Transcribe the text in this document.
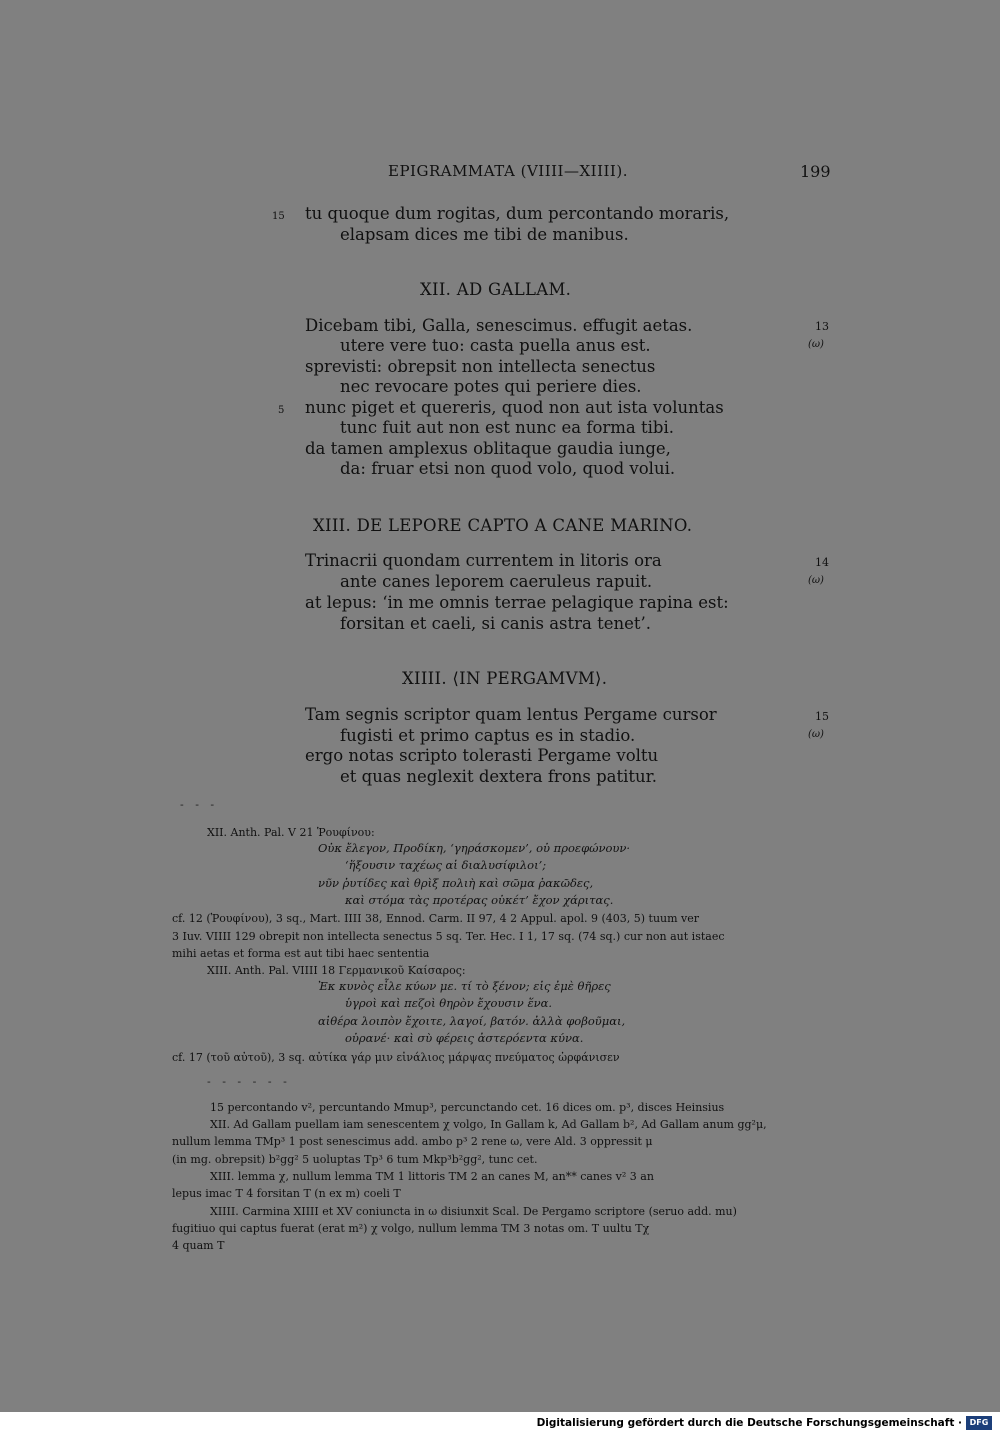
EPIGRAMMATA (VIIII—XIIII).	199
15 tu quoque dum rogitas, dum percontando moraris,
elapsam dices me tibi de manibus.
XII. AD GALLAM.
13
(ω)
Dicebam tibi, Galla, senescimus. effugit aetas.
utere vere tuo: casta puella anus est.
sprevisti: obrepsit non intellecta senectus
nec revocare potes qui periere dies.
5 nunc piget et quereris, quod non aut ista voluntas
tunc fuit aut non est nunc ea forma tibi.
da tamen amplexus oblitaque gaudia iunge,
da: fruar etsi non quod volo, quod volui.
XIII. DE LEPORE CAPTO A CANE MARINO.
14
(ω)
Trinacrii quondam currentem in litoris ora
ante canes leporem caeruleus rapuit.
at lepus: ‘in me omnis terrae pelagique rapina est:
forsitan et caeli, si canis astra tenet’.
XIIII. ⟨IN PERGAMVM⟩.
15
(ω)
Tam segnis scriptor quam lentus Pergame cursor
fugisti et primo captus es in stadio.
ergo notas scripto tolerasti Pergame voltu
et quas neglexit dextera frons patitur.
- - -
XII. Anth. Pal. V 21 Ῥουφίνου:
Οὐκ ἔλεγον, Προδίκη, ‘γηράσκομεν’, οὐ προεφώνουν·
‘ἥξουσιν ταχέως αἱ διαλυσίφιλοι’;
νῦν ῥυτίδες καὶ θρὶξ πολιὴ καὶ σῶμα ῥακῶδες,
καὶ στόμα τὰς προτέρας οὐκέτ’ ἔχον χάριτας.
cf. 12 (Ῥουφίνου), 3 sq., Mart. IIII 38, Ennod. Carm. II 97, 4 2 Appul. apol. 9 (403, 5) tuum ver
3 Iuv. VIIII 129 obrepit non intellecta senectus 5 sq. Ter. Hec. I 1, 17 sq. (74 sq.) cur non aut istaec
mihi aetas et forma est aut tibi haec sententia
XIII. Anth. Pal. VIIII 18 Γερμανικοῦ Καίσαρος:
Ἐκ κυνὸς εἷλε κύων με. τί τὸ ξένον; εἰς ἐμὲ θῆρες
ὑγροὶ καὶ πεζοὶ θηρὸν ἔχουσιν ἕνα.
αἰθέρα λοιπὸν ἔχοιτε, λαγοί, βατόν. ἀλλὰ φοβοῦμαι,
οὐρανέ· καὶ σὺ φέρεις ἀστερόεντα κύνα.
cf. 17 (τοῦ αὐτοῦ), 3 sq. αὐτίκα γάρ μιν εἰνάλιος μάρψας πνεύματος ὠρφάνισεν
- - - - - -
15 percontando v², percuntando Mmup³, percunctando cet. 16 dices om. p³, disces Heinsius
XII. Ad Gallam puellam iam senescentem χ volgo, In Gallam k, Ad Gallam b², Ad Gallam anum gg²μ,
nullum lemma TMp³ 1 post senescimus add. ambo p³ 2 rene ω, vere Ald. 3 oppressit μ
(in mg. obrepsit) b²gg² 5 uoluptas Tp³ 6 tum Mkp³b²gg², tunc cet.
XIII. lemma χ, nullum lemma TM 1 littoris TM 2 an canes M, an** canes v² 3 an
lepus imac T 4 forsitan T (n ex m) coeli T
XIIII. Carmina XIIII et XV coniuncta in ω disiunxit Scal. De Pergamo scriptore (seruo add. mu)
fugitiuo qui captus fuerat (erat m²) χ volgo, nullum lemma TM 3 notas om. T uultu Tχ
4 quam T
Digitalisierung gefördert durch die Deutsche Forschungsgemeinschaft · DFG
